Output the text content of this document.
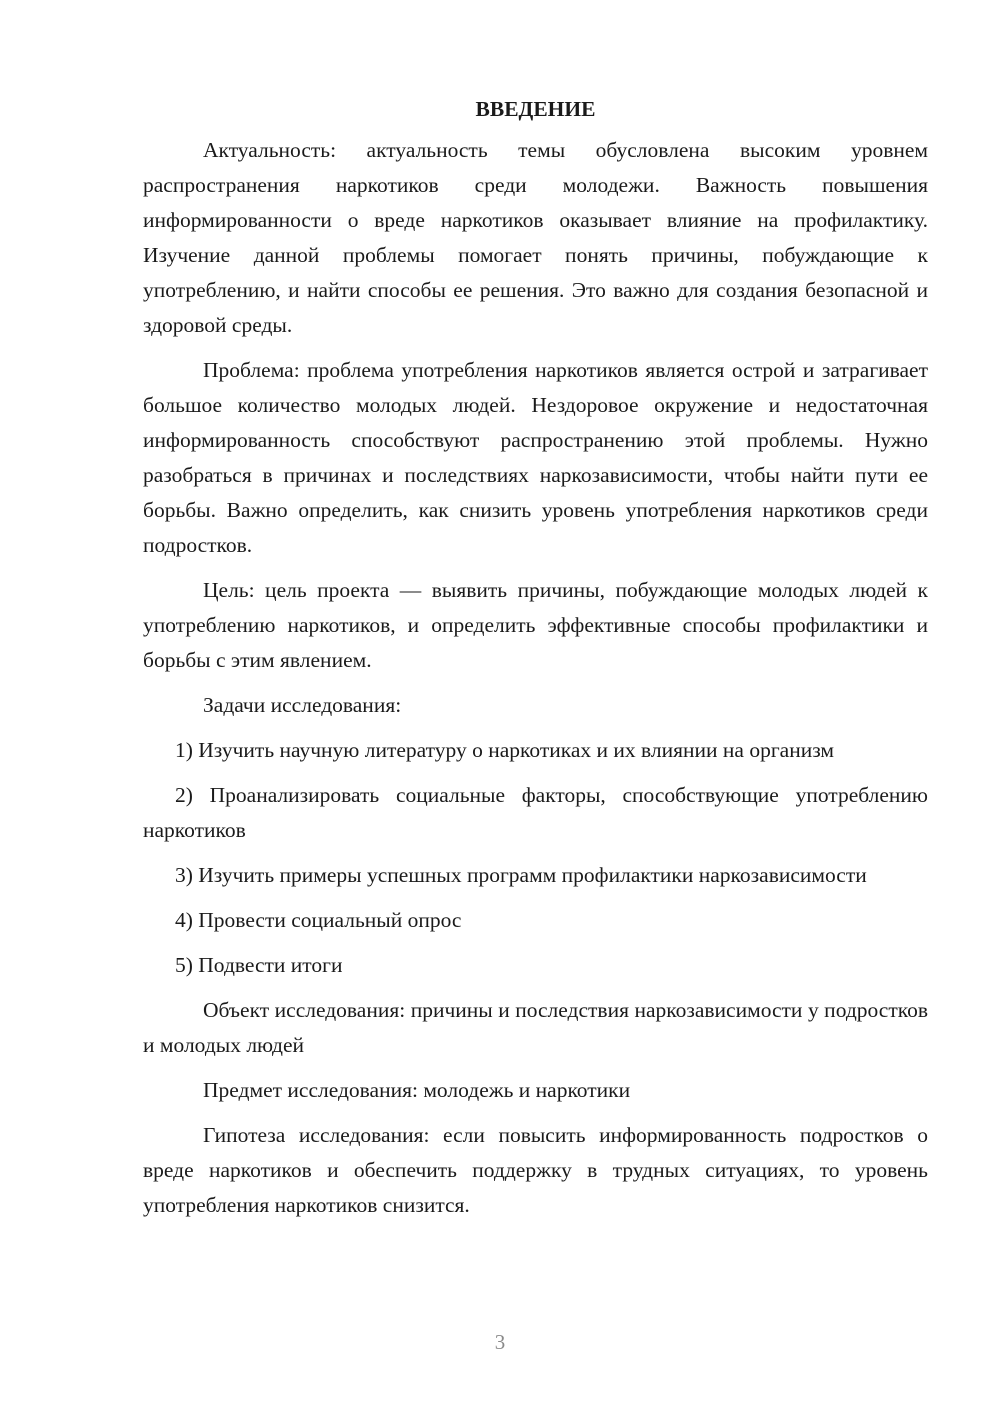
ВВЕДЕНИЕ

Актуальность: актуальность темы обусловлена высоким уровнем распространения наркотиков среди молодежи. Важность повышения информированности о вреде наркотиков оказывает влияние на профилактику. Изучение данной проблемы помогает понять причины, побуждающие к употреблению, и найти способы ее решения. Это важно для создания безопасной и здоровой среды.

Проблема: проблема употребления наркотиков является острой и затрагивает большое количество молодых людей. Нездоровое окружение и недостаточная информированность способствуют распространению этой проблемы. Нужно разобраться в причинах и последствиях наркозависимости, чтобы найти пути ее борьбы. Важно определить, как снизить уровень употребления наркотиков среди подростков.

Цель: цель проекта — выявить причины, побуждающие молодых людей к употреблению наркотиков, и определить эффективные способы профилактики и борьбы с этим явлением.

Задачи исследования:

1) Изучить научную литературу о наркотиках и их влиянии на организм

2) Проанализировать социальные факторы, способствующие употреблению наркотиков

3) Изучить примеры успешных программ профилактики наркозависимости

4) Провести социальный опрос

5) Подвести итоги

Объект исследования: причины и последствия наркозависимости у подростков и молодых людей

Предмет исследования: молодежь и наркотики

Гипотеза исследования: если повысить информированность подростков о вреде наркотиков и обеспечить поддержку в трудных ситуациях, то уровень употребления наркотиков снизится.

3
